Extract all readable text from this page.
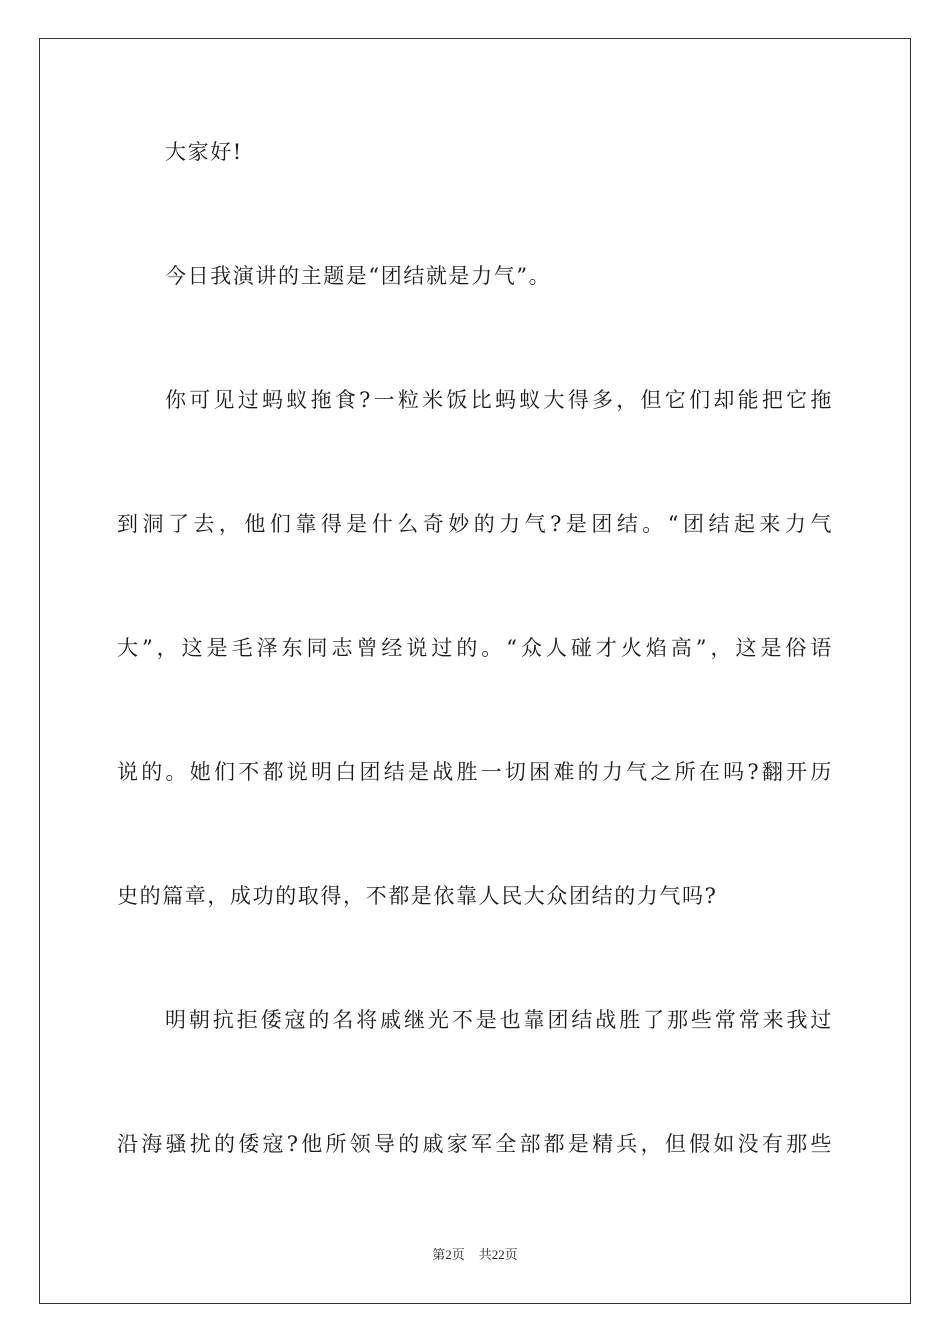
大家好!
今日我演讲的主题是“团结就是力气”。
你可见过蚂蚁拖食?一粒米饭比蚂蚁大得多，但它们却能把它拖
到洞了去，他们靠得是什么奇妙的力气?是团结。“团结起来力气
大”，这是毛泽东同志曾经说过的。“众人碰才火焰高”，这是俗语
说的。她们不都说明白团结是战胜一切困难的力气之所在吗?翻开历
史的篇章，成功的取得，不都是依靠人民大众团结的力气吗?
明朝抗拒倭寇的名将戚继光不是也靠团结战胜了那些常常来我过
沿海骚扰的倭寇?他所领导的戚家军全部都是精兵，但假如没有那些
第2页 共22页
